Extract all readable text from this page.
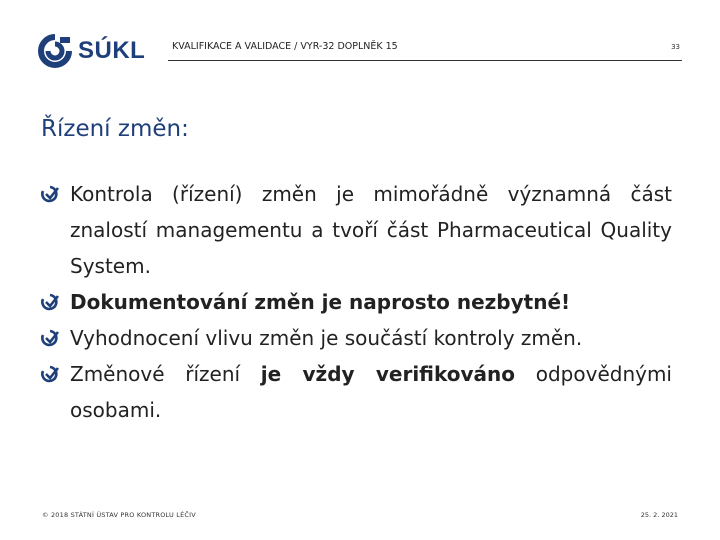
SÚKL	KVALIFIKACE A VALIDACE / VYR-32 DOPLNĚK 15	33
Řízení změn:
Kontrola (řízení) změn je mimořádně významná část znalostí managementu a tvoří část Pharmaceutical Quality System.
Dokumentování změn je naprosto nezbytné!
Vyhodnocení vlivu změn je součástí kontroly změn.
Změnové řízení je vždy verifikováno odpovědnými osobami.
© 2018 STÁTNÍ ÚSTAV PRO KONTROLU LÉČIV	25. 2. 2021
